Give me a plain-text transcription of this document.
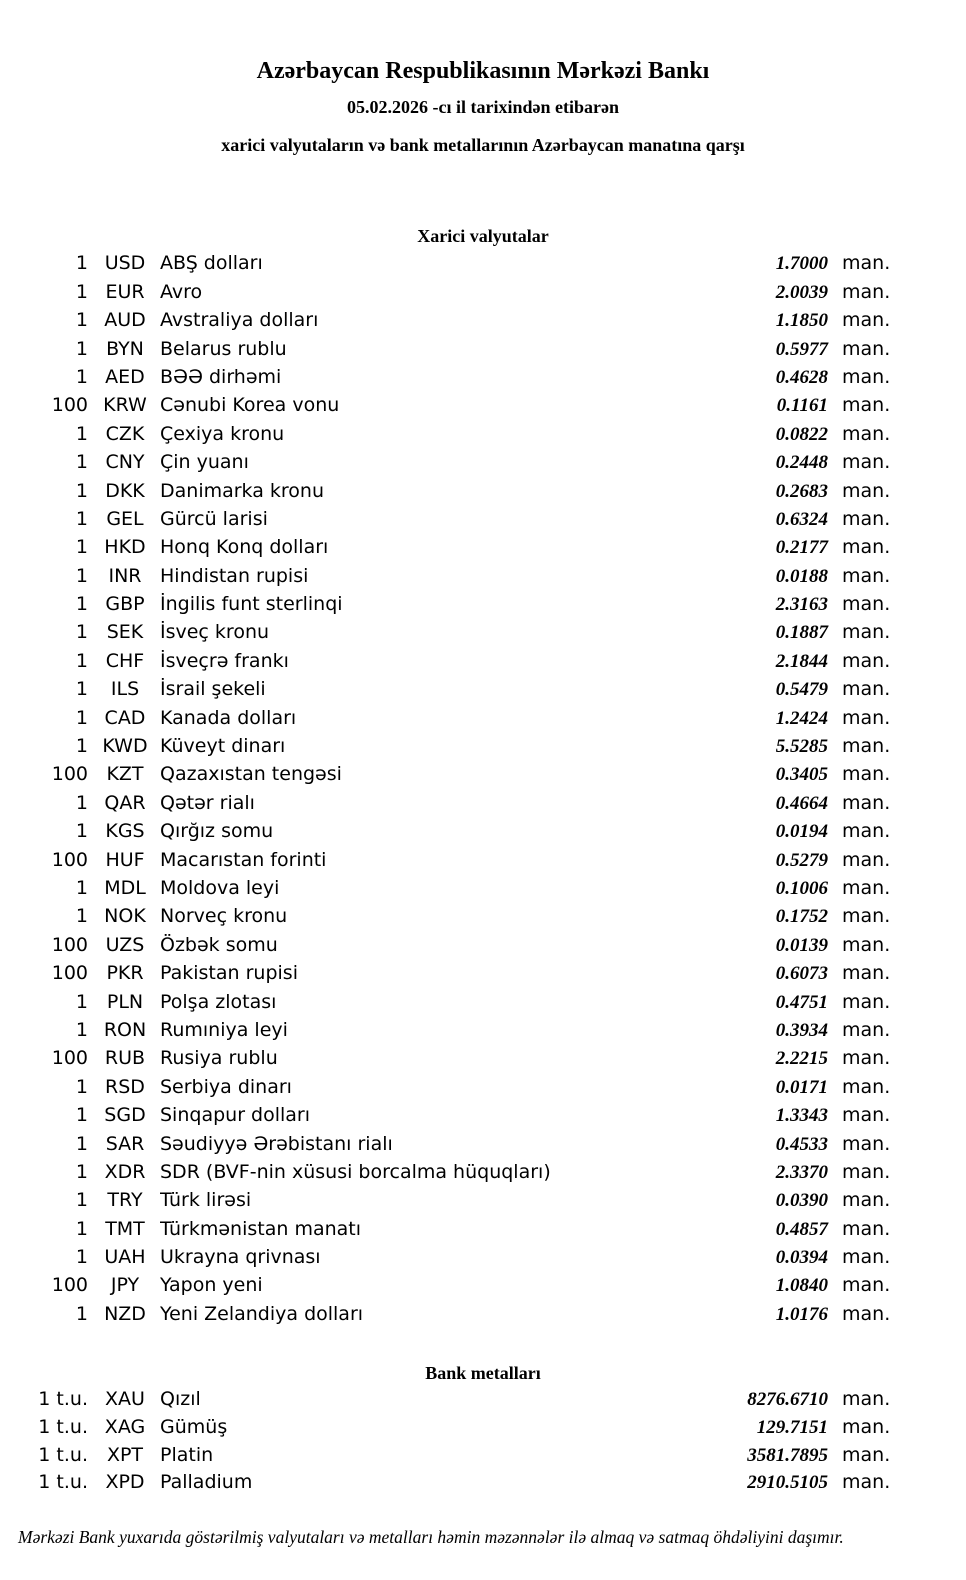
Azərbaycan Respublikasının Mərkəzi Bankı
05.02.2026 -cı il tarixindən etibarən
xarici valyutaların və bank metallarının Azərbaycan manatına qarşı
Xarici valyutalar
1 USD ABŞ dolları	1.7000 man.
1 EUR Avro	2.0039 man.
1 AUD Avstraliya dolları	1.1850 man.
1 BYN Belarus rublu	0.5977 man.
1 AED BƏƏ dirhəmi	0.4628 man.
100 KRW Cənubi Korea vonu	0.1161 man.
1 CZK Çexiya kronu	0.0822 man.
1 CNY Çin yuanı	0.2448 man.
1 DKK Danimarka kronu	0.2683 man.
1 GEL Gürcü larisi	0.6324 man.
1 HKD Honq Konq dolları	0.2177 man.
1	INR Hindistan rupisi	0.0188 man.
1 GBP İngilis funt sterlinqi	2.3163 man.
1 SEK İsveç kronu	0.1887 man.
1 CHF İsveçrə frankı	2.1844 man.
1	ILS	İsrail şekeli	0.5479 man.
1 CAD Kanada dolları	1.2424 man.
1 KWD Küveyt dinarı	5.5285 man.
100 KZT Qazaxıstan tengəsi	0.3405 man.
1 QAR Qətər rialı	0.4664 man.
1 KGS Qırğız somu	0.0194 man.
100 HUF Macarıstan forinti	0.5279 man.
1 MDL Moldova leyi	0.1006 man.
1 NOK Norveç kronu	0.1752 man.
100 UZS Özbək somu	0.0139 man.
100 PKR Pakistan rupisi	0.6073 man.
1 PLN Polşa zlotası	0.4751 man.
1 RON Rumıniya leyi	0.3934 man.
100 RUB Rusiya rublu	2.2215 man.
1 RSD Serbiya dinarı	0.0171 man.
1 SGD Sinqapur dolları	1.3343 man.
1 SAR Səudiyyə Ərəbistanı rialı	0.4533 man.
1 XDR SDR (BVF-nin xüsusi borcalma hüquqları)	2.3370 man.
1	TRY Türk lirəsi	0.0390 man.
1 TMT Türkmənistan manatı	0.4857 man.
1 UAH Ukrayna qrivnası	0.0394 man.
100	JPY	Yapon yeni	1.0840 man.
1 NZD Yeni Zelandiya dolları	1.0176 man.
Bank metalları
1 t.u. XAU Qızıl	8276.6710 man.
1 t.u. XAG Gümüş	129.7151 man.
1 t.u. XPT Platin	3581.7895 man.
1 t.u. XPD Palladium	2910.5105 man.
Mərkəzi Bank yuxarıda göstərilmiş valyutaları və metalları həmin məzənnələr ilə almaq və satmaq öhdəliyini daşımır.
